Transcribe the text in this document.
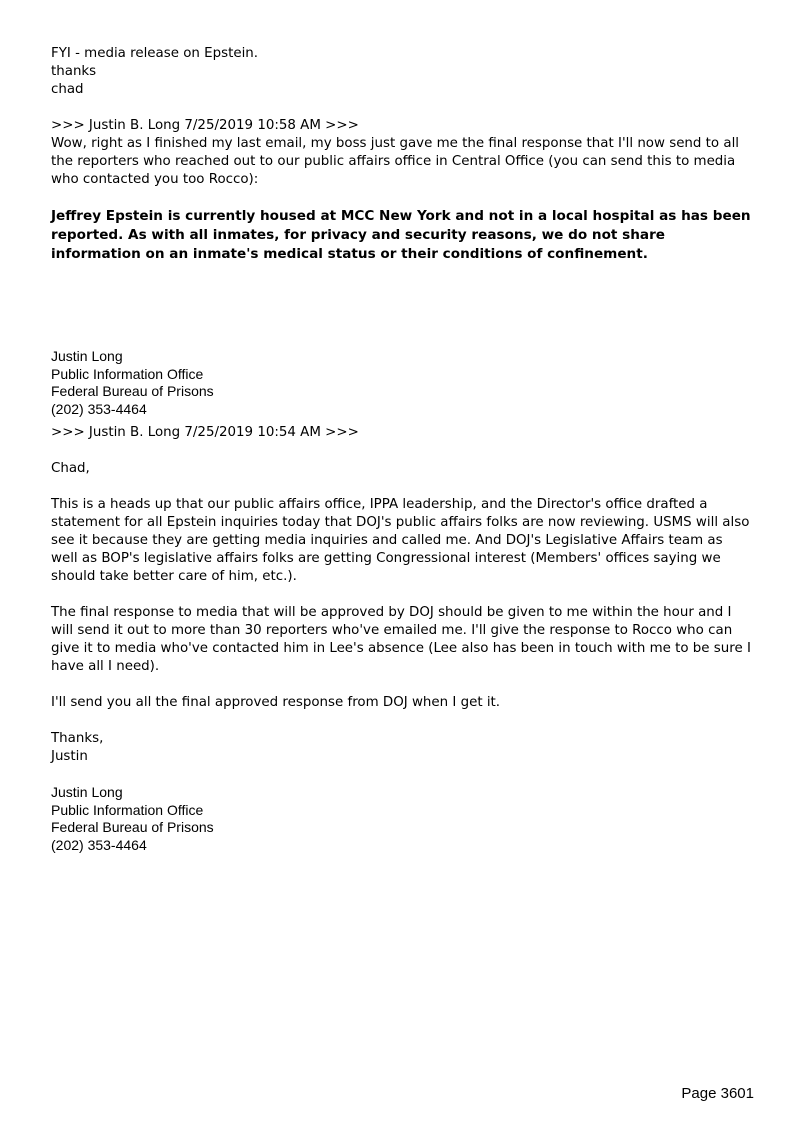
FYI - media release on Epstein.
thanks
chad
>>> Justin B. Long 7/25/2019 10:58 AM >>>
Wow, right as I finished my last email, my boss just gave me the final response that I'll now send to all the reporters who reached out to our public affairs office in Central Office (you can send this to media who contacted you too Rocco):
Jeffrey Epstein is currently housed at MCC New York and not in a local hospital as has been reported. As with all inmates, for privacy and security reasons, we do not share information on an inmate's medical status or their conditions of confinement.
Justin Long
Public Information Office
Federal Bureau of Prisons
(202) 353-4464
>>> Justin B. Long 7/25/2019 10:54 AM >>>
Chad,
This is a heads up that our public affairs office, IPPA leadership, and the Director's office drafted a statement for all Epstein inquiries today that DOJ's public affairs folks are now reviewing. USMS will also see it because they are getting media inquiries and called me. And DOJ's Legislative Affairs team as well as BOP's legislative affairs folks are getting Congressional interest (Members' offices saying we should take better care of him, etc.).
The final response to media that will be approved by DOJ should be given to me within the hour and I will send it out to more than 30 reporters who've emailed me. I'll give the response to Rocco who can give it to media who've contacted him in Lee's absence (Lee also has been in touch with me to be sure I have all I need).
I'll send you all the final approved response from DOJ when I get it.
Thanks,
Justin
Justin Long
Public Information Office
Federal Bureau of Prisons
(202) 353-4464
Page 3601
